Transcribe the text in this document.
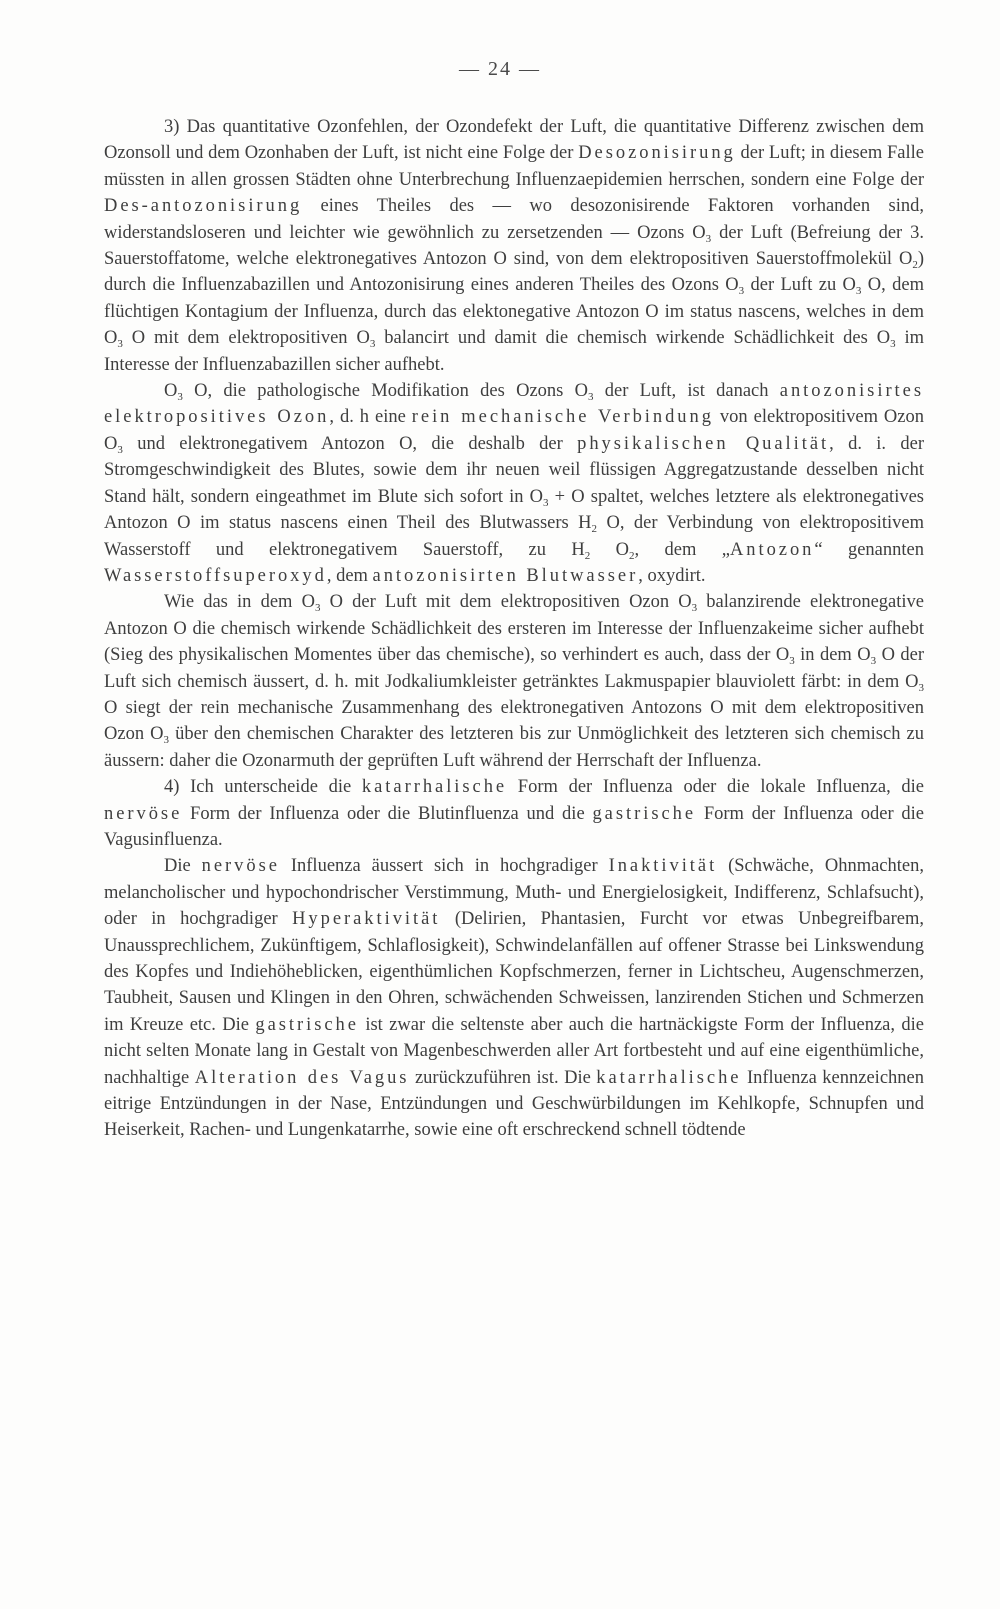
— 24 —

3) Das quantitative Ozonfehlen, der Ozondefekt der Luft, die quantitative Differenz zwischen dem Ozonsoll und dem Ozonhaben der Luft, ist nicht eine Folge der Desozonisirung der Luft; in diesem Falle müssten in allen grossen Städten ohne Unterbrechung Influenzaepidemien herrschen, sondern eine Folge der Des-antozonisirung eines Theiles des — wo desozonisirende Faktoren vorhanden sind, widerstandsloseren und leichter wie gewöhnlich zu zersetzenden — Ozons $O_3$ der Luft (Befreiung der 3. Sauerstoffatome, welche elektronegatives Antozon O sind, von dem elektropositiven Sauerstoffmolekül $O_2$) durch die Influenzabazillen und Antozonisirung eines anderen Theiles des Ozons $O_3$ der Luft zu $O_3$ O, dem flüchtigen Kontagium der Influenza, durch das elektonegative Antozon O im status nascens, welches in dem $O_3$ O mit dem elektropositiven $O_3$ balancirt und damit die chemisch wirkende Schädlichkeit des $O_3$ im Interesse der Influenzabazillen sicher aufhebt.

$O_3$ O, die pathologische Modifikation des Ozons $O_3$ der Luft, ist danach antozonisirtes elektropositives Ozon, d. h eine rein mechanische Verbindung von elektropositivem Ozon $O_3$ und elektronegativem Antozon O, die deshalb der physikalischen Qualität, d. i. der Stromgeschwindigkeit des Blutes, sowie dem ihr neuen weil flüssigen Aggregatzustande desselben nicht Stand hält, sondern eingeathmet im Blute sich sofort in $O_3 + O$ spaltet, welches letztere als elektronegatives Antozon O im status nascens einen Theil des Blutwassers $H_2$ O, der Verbindung von elektropositivem Wasserstoff und elektronegativem Sauerstoff, zu $H_2$ $O_2$, dem „Antozon“ genannten Wasserstoffsuperoxyd, dem antozonisirten Blutwasser, oxydirt.

Wie das in dem $O_3$ O der Luft mit dem elektropositiven Ozon $O_3$ balanzirende elektronegative Antozon O die chemisch wirkende Schädlichkeit des ersteren im Interesse der Influenzakeime sicher aufhebt (Sieg des physikalischen Momentes über das chemische), so verhindert es auch, dass der $O_3$ in dem $O_3$ O der Luft sich chemisch äussert, d. h. mit Jodkaliumkleister getränktes Lakmuspapier blauviolett färbt: in dem $O_3$ O siegt der rein mechanische Zusammenhang des elektronegativen Antozons O mit dem elektropositiven Ozon $O_3$ über den chemischen Charakter des letzteren bis zur Unmöglichkeit des letzteren sich chemisch zu äussern: daher die Ozonarmuth der geprüften Luft während der Herrschaft der Influenza.

4) Ich unterscheide die katarrhalische Form der Influenza oder die lokale Influenza, die nervöse Form der Influenza oder die Blutinfluenza und die gastrische Form der Influenza oder die Vagusinfluenza.

Die nervöse Influenza äussert sich in hochgradiger Inaktivität (Schwäche, Ohnmachten, melancholischer und hypochondrischer Verstimmung, Muth- und Energielosigkeit, Indifferenz, Schlafsucht), oder in hochgradiger Hyperaktivität (Delirien, Phantasien, Furcht vor etwas Unbegreifbarem, Unaussprechlichem, Zukünftigem, Schlaflosigkeit), Schwindelanfällen auf offener Strasse bei Linkswendung des Kopfes und Indiehöheblicken, eigenthümlichen Kopfschmerzen, ferner in Lichtscheu, Augenschmerzen, Taubheit, Sausen und Klingen in den Ohren, schwächenden Schweissen, lanzirenden Stichen und Schmerzen im Kreuze etc. Die gastrische ist zwar die seltenste aber auch die hartnäckigste Form der Influenza, die nicht selten Monate lang in Gestalt von Magenbeschwerden aller Art fortbesteht und auf eine eigenthümliche, nachhaltige Alteration des Vagus zurückzuführen ist. Die katarrhalische Influenza kennzeichnen eitrige Entzündungen in der Nase, Entzündungen und Geschwürbildungen im Kehlkopfe, Schnupfen und Heiserkeit, Rachen- und Lungenkatarrhe, sowie eine oft erschreckend schnell tödtende
